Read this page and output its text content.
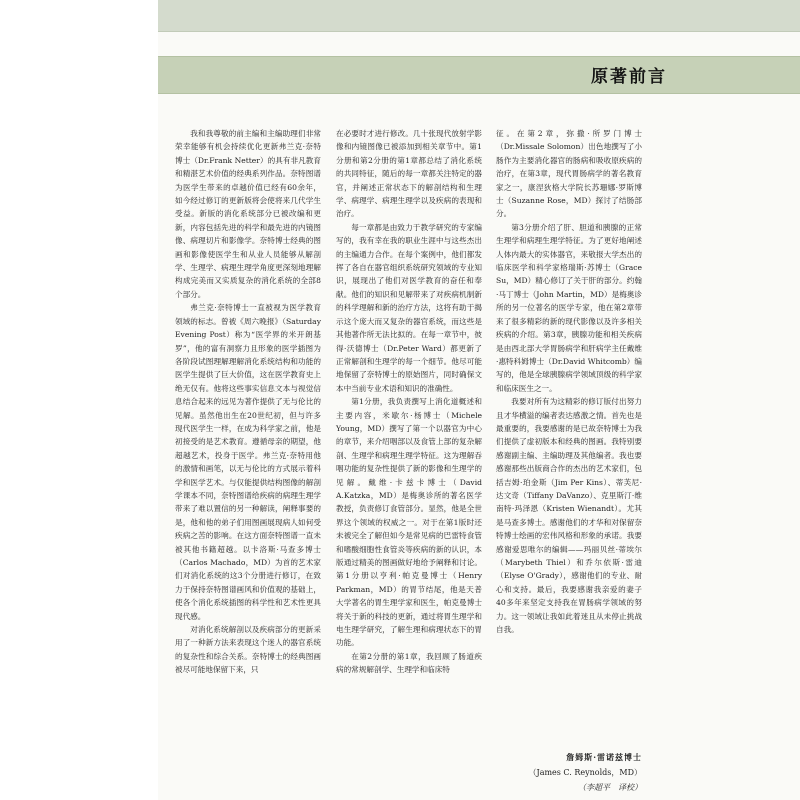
原著前言

我和我尊敬的前主编和主编助理们非常荣幸能够有机会持续优化更新弗兰克·奈特博士（Dr.Frank Netter）的具有非凡教育和精湛艺术价值的经典系列作品。奈特图谱为医学生带来的卓越价值已经有60余年，如今经过修订的更新版将会使将来几代学生受益。新版的消化系统部分已被改编和更新，内容包括先进的科学和最先进的内镜图像、病理切片和影像学。奈特博士经典的图画和影像使医学生和从业人员能够从解剖学、生理学、病理生理学角度更深刻地理解构成完美而又实质复杂的消化系统的全部8个部分。

弗兰克·奈特博士一直被视为医学教育领域的标志。曾被《周六晚报》（Saturday Evening Post）称为“医学界的米开朗基罗”，他的富有洞察力且形象的医学插图为各阶段试图理解理解消化系统结构和功能的医学生提供了巨大价值，这在医学教育史上绝无仅有。他将这些事实信息文本与视觉信息结合起来的远见为著作提供了无与伦比的见解。虽然他出生在20世纪初，但与许多现代医学生一样，在成为科学家之前，他是初接受的是艺术教育。遵循母亲的期望，他超越艺术，投身于医学。弗兰克·奈特用他的激情和画笔，以无与伦比的方式展示着科学和医学艺术。与仅能提供结构图像的解剖学课本不同，奈特图谱给疾病的病理生理学带来了难以置信的另一种解读，阐释事要的是，他和他的弟子们用图画展现病人如何受疾病之苦的影响。在这方面奈特图谱一直未被其他书籍超越。以卡洛斯·马查多博士（Carlos Machado，MD）为首的艺术家们对消化系统的这3个分册进行修订，在致力于保持奈特图谱画风和价值观的基础上，使各个消化系统插图的科学性和艺术性更具现代感。

对消化系统解剖以及疾病部分的更新采用了一种新方法来表现这个迷人的器官系统的复杂性和综合关系。奈特博士的经典图画被尽可能地保留下来，只

在必要时才进行修改。几十张现代放射学影像和内镜图像已被添加到相关章节中。第1分册和第2分册的第1章都总结了消化系统的共同特征，随后的每一章都关注特定的器官，并阐述正常状态下的解剖结构和生理学、病理学、病理生理学以及疾病的表现和治疗。

每一章都是由致力于教学研究的专家编写的，我有幸在我的职业生涯中与这些杰出的主编通力合作。在每个案例中，他们都发挥了各自在器官组织系统研究领域的专业知识，展现出了他们对医学教育的奋任和奉献。他们的知识和见解带来了对疾病机制新的科学理解和新的治疗方法，这将有助于揭示这个庞大而又复杂的器官系统，而这些是其他著作所无法比拟的。在每一章节中，彼得·沃德博士（Dr.Peter Ward）都更新了正常解剖和生理学的每一个细节。他尽可能地保留了奈特博士的原始图片，同时确保文本中当前专业术语和知识的准确性。

第1分册，我负责撰写上消化道概述和主要内容，米歇尔·杨博士（Michele Young，MD）撰写了第一个以器官为中心的章节，来介绍咽部以及食管上部的复杂解剖、生理学和病理生理学特征。这为理解吞咽功能的复杂性提供了新的影像和生理学的见解。戴维·卡兹卡博士（David A.Katzka，MD）是梅奥诊所的著名医学教授，负责修订食管部分。显然，他是全世界这个领域的权威之一。对于在第1版时还未被完全了解但如今是常见病的巴雷特食管和嗜酸细胞性食管炎等疾病的新的认识，本版通过精美的图画做好地给予阐释和讨论。第1分册以亨利·帕克曼博士（Henry Parkman，MD）的胃节结尾，他是天普大学著名的胃生理学家和医生，帕克曼博士将关于新的科技的更新，通过将胃生理学和电生理学研究，了解生理和病理状态下的胃功能。

在第2分册的第1章，我回顾了肠道疾病的常规解剖学、生理学和临床特

征。在第2章，弥撒·所罗门博士（Dr.Missale Solomon）出色地撰写了小肠作为主要消化器官的肠病和吸收原疾病的治疗，在第3章，现代胃肠病学的著名教育家之一，康涅狄格大学院长苏珊娜·罗斯博士（Suzanne Rose，MD）探讨了结肠部分。

第3分册介绍了肝、胆道和胰腺的正常生理学和病理生理学特征。为了更好地阐述人体内最大的实体器官，来敬报大学杰出的临床医学和科学家格瑞斯·苏博士（Grace Su，MD）精心修订了关于肝的部分。约翰·马丁博士（John Martin，MD）是梅奥诊所的另一位著名的医学专家，他在第2章带来了很多精彩的新的现代影像以及许多相关疾病的介绍。第3章，胰腺功能和相关疾病是由西北部大学胃肠病学和肝病学主任戴维·惠特科姆博士（Dr.David Whitcomb）编写的，他是全球胰腺病学领域顶级的科学家和临床医生之一。

我要对所有为这精彩的修订版付出努力且才华横溢的编者表达感激之情。首先也是最重要的，我要感谢的是已故奈特博士为我们提供了虚初版本和经典的图画。我特别要感谢副主编、主编助理及其他编者。我也要感谢那些出版商合作的杰出的艺术家们，包括吉姆·珀金斯（Jim Per Kins）、蒂芙尼·达文奇（Tiffany DaVanzo）、克里斯汀·维南特·玛泽恩（Kristen Wienandt）。尤其是马查多博士。感谢他们的才华和对保留奈特博士绘画的宏伟风格和形象的承诺。我要感谢爱思唯尔的编辑——玛丽贝丝·蒂埃尔（Marybeth Thiel）和乔尔依斯·雷迪（Elyse O'Grady），感谢他们的专业、耐心和支持。最后，我要感谢我亲爱的妻子40多年来坚定支持我在胃肠病学领域的努力。这一领域让我如此着迷且从未停止挑战自我。

詹姆斯·雷诺兹博士
（James C. Reynolds，MD）
（李超平　译校）
